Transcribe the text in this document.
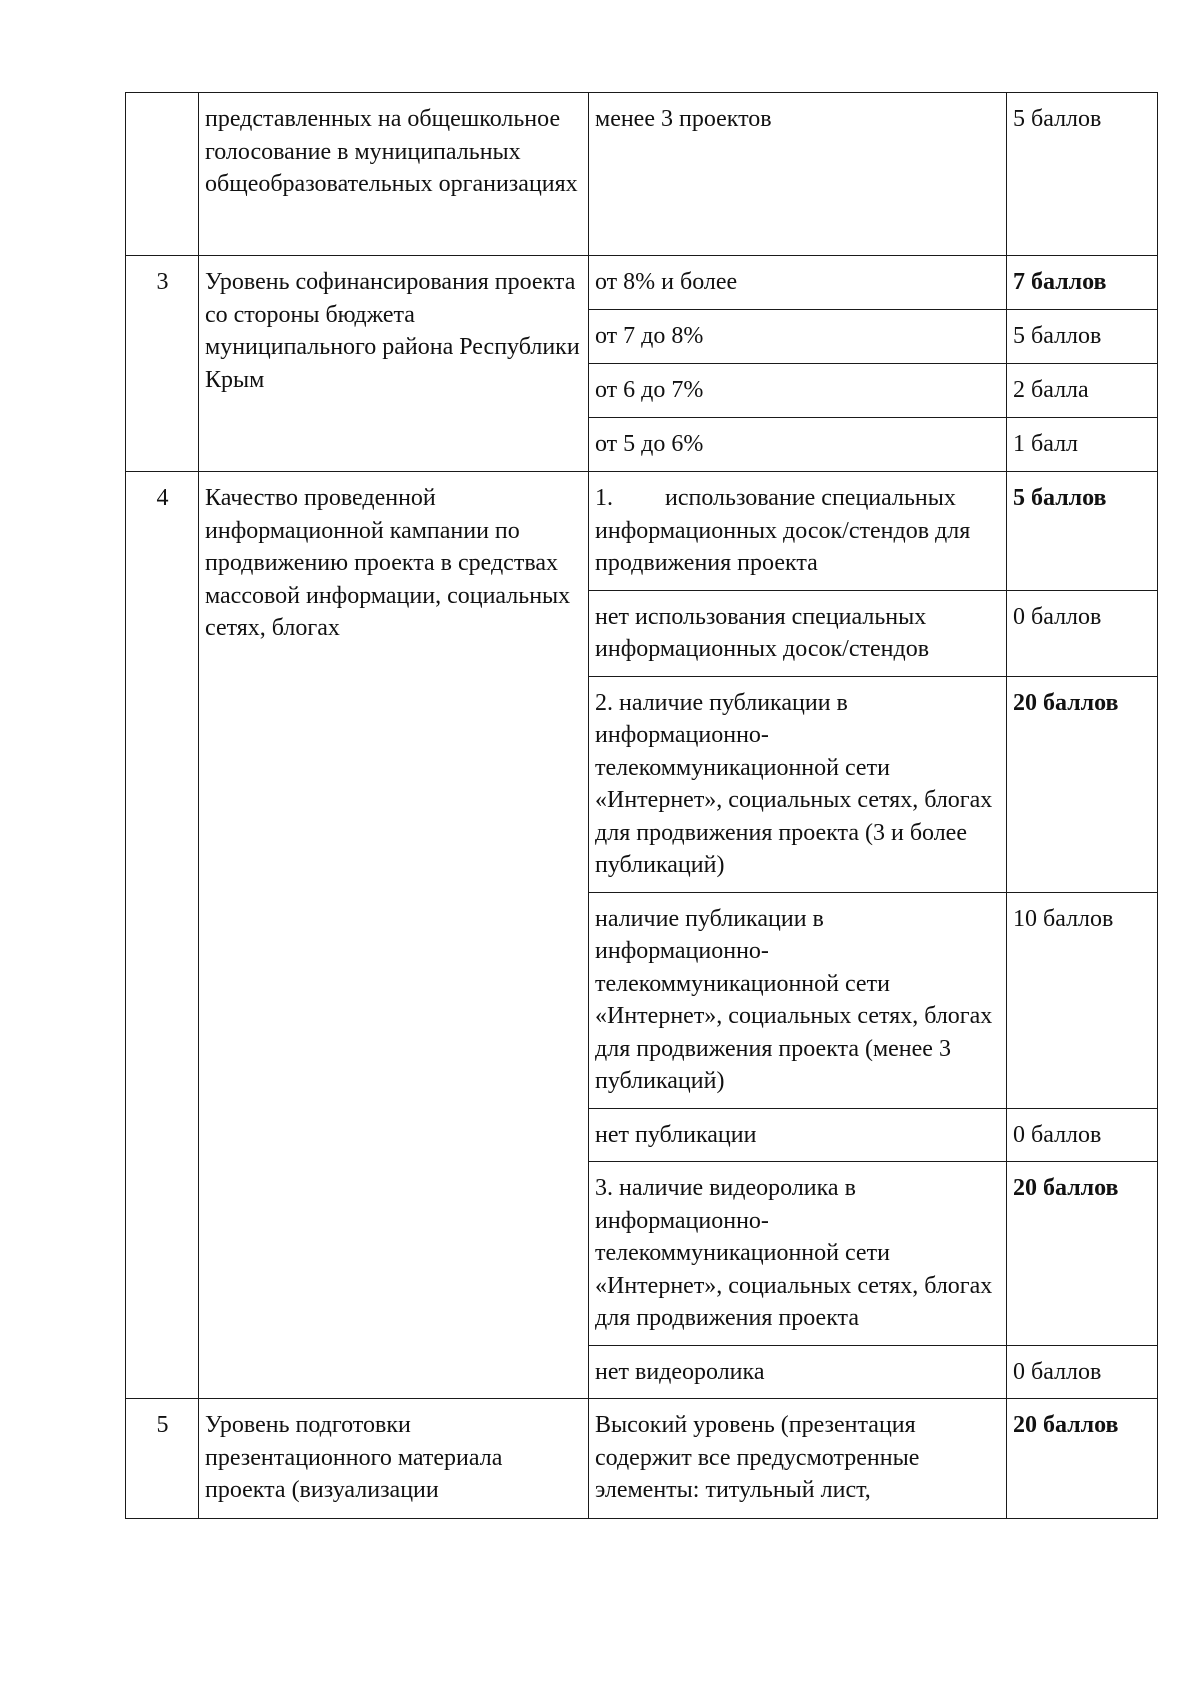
	представленных на общешкольное голосование в муниципальных общеобразовательных организациях	менее 3 проектов	5 баллов
3	Уровень софинансирования проекта со стороны бюджета муниципального района Республики Крым	от 8% и более	7 баллов
		от 7 до 8%	5 баллов
		от 6 до 7%	2 балла
		от 5 до 6%	1 балл
4	Качество проведенной информационной кампании по продвижению проекта в средствах массовой информации, социальных сетях, блогах	1. использование специальных информационных досок/стендов для продвижения проекта	5 баллов
		нет использования специальных информационных досок/стендов	0 баллов
		2. наличие публикации в информационно-телекоммуникационной сети «Интернет», социальных сетях, блогах для продвижения проекта (3 и более публикаций)	20 баллов
		наличие публикации в информационно-телекоммуникационной сети «Интернет», социальных сетях, блогах для продвижения проекта (менее 3 публикаций)	10 баллов
		нет публикации	0 баллов
		3. наличие видеоролика в информационно-телекоммуникационной сети «Интернет», социальных сетях, блогах для продвижения проекта	20 баллов
		нет видеоролика	0 баллов
5	Уровень подготовки презентационного материала проекта (визуализации	Высокий уровень (презентация содержит все предусмотренные элементы: титульный лист,	20 баллов
